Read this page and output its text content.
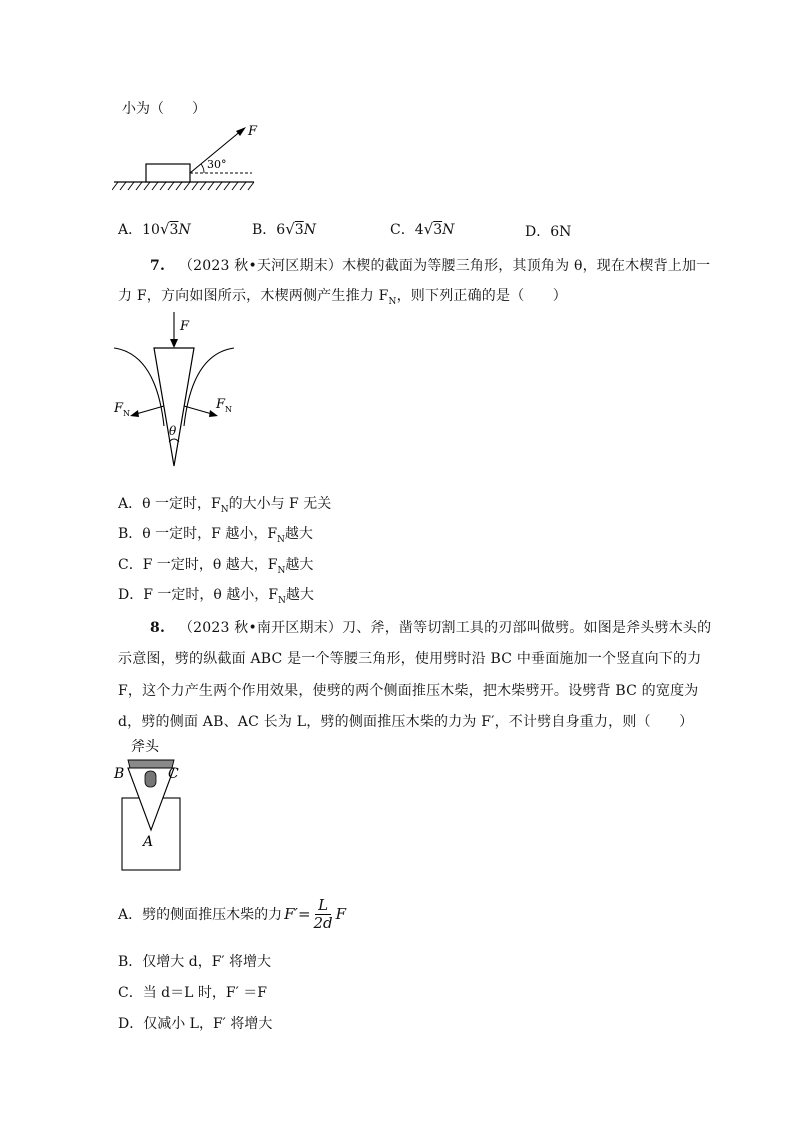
小为（　　）
F
30°
A．10√3N	B．6√3N	C．4√3N	D．6N
7. （2023 秋•天河区期末）木楔的截面为等腰三角形，其顶角为 θ，现在木楔背上加一
力 F，方向如图所示，木楔两侧产生推力 $F_N$，则下列正确的是（　　）
F
$F_N$
$F_N$
θ
A．θ 一定时，$F_N$的大小与 F 无关
B．θ 一定时，F 越小，$F_N$越大
C．F 一定时，θ 越大，$F_N$越大
D．F 一定时，θ 越小，$F_N$越大
8. （2023 秋•南开区期末）刀、斧，凿等切割工具的刃部叫做劈。如图是斧头劈木头的
示意图，劈的纵截面 ABC 是一个等腰三角形，使用劈时沿 BC 中垂面施加一个竖直向下的力
F，这个力产生两个作用效果，使劈的两个侧面推压木柴，把木柴劈开。设劈背 BC 的宽度为
d，劈的侧面 AB、AC 长为 L，劈的侧面推压木柴的力为 F′，不计劈自身重力，则（　　）
斧头
B	C
A
A．劈的侧面推压木柴的力 $F'= \frac{L}{2d}$ F
B．仅增大 d，F′ 将增大
C．当 d＝L 时，F′ ＝F
D．仅减小 L，F′ 将增大
